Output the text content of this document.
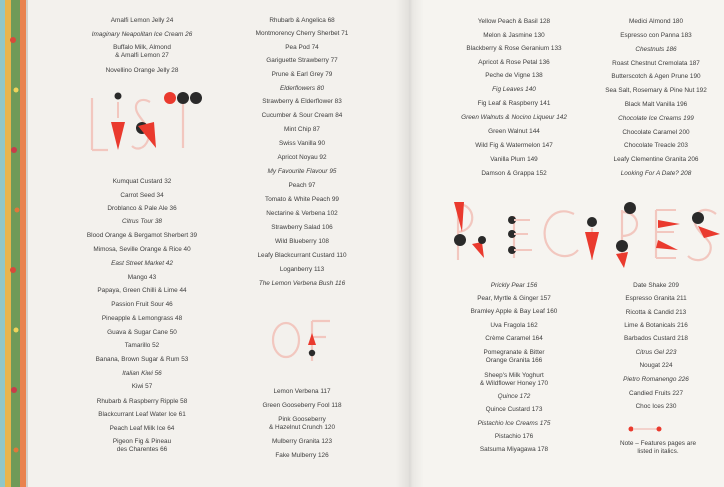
Amalfi Lemon Jelly 24
Imaginary Neapolitan Ice Cream 26
Buffalo Milk, Almond
& Amalfi Lemon 27
Novellino Orange Jelly 28
Kumquat Custard 32
Carrot Seed 34
Droblanco & Pale Ale 36
Citrus Tour 38
Blood Orange & Bergamot Sherbert 39
Mimosa, Seville Orange & Rice 40
East Street Market 42
Mango 43
Papaya, Green Chilli & Lime 44
Passion Fruit Sour 46
Pineapple & Lemongrass 48
Guava & Sugar Cane 50
Tamarillo 52
Banana, Brown Sugar & Rum 53
Italian Kiwi 56
Kiwi 57
Rhubarb & Raspberry Ripple 58
Blackcurrant Leaf Water Ice 61
Peach Leaf Milk Ice 64
Pigeon Fig & Pineau
des Charentes 66
Rhubarb & Angelica 68
Montmorency Cherry Sherbet 71
Pea Pod 74
Gariguette Strawberry 77
Prune & Earl Grey 79
Elderflowers 80
Strawberry & Elderflower 83
Cucumber & Sour Cream 84
Mint Chip 87
Swiss Vanilla 90
Apricot Noyau 92
My Favourite Flavour 95
Peach 97
Tomato & White Peach 99
Nectarine & Verbena 102
Strawberry Salad 106
Wild Blueberry 108
Leafy Blackcurrant Custard 110
Loganberry 113
The Lemon Verbena Bush 116
Lemon Verbena 117
Green Gooseberry Fool 118
Pink Gooseberry
& Hazelnut Crunch 120
Mulberry Granita 123
Fake Mulberry 126
Yellow Peach & Basil 128
Melon & Jasmine 130
Blackberry & Rose Geranium 133
Apricot & Rose Petal 136
Peche de Vigne 138
Fig Leaves 140
Fig Leaf & Raspberry 141
Green Walnuts & Nocino Liqueur 142
Green Walnut 144
Wild Fig & Watermelon 147
Vanilla Plum 149
Damson & Grappa 152
Prickly Pear 156
Pear, Myrtle & Ginger 157
Bramley Apple & Bay Leaf 160
Uva Fragola 162
Crème Caramel 164
Pomegranate & Bitter
Orange Granita 166
Sheep's Milk Yoghurt
& Wildflower Honey 170
Quince 172
Quince Custard 173
Pistachio Ice Creams 175
Pistachio 176
Satsuma Miyagawa 178
Medici Almond 180
Espresso con Panna 183
Chestnuts 186
Roast Chestnut Cremolata 187
Butterscotch & Agen Prune 190
Sea Salt, Rosemary & Pine Nut 192
Black Malt Vanilla 196
Chocolate Ice Creams 199
Chocolate Caramel 200
Chocolate Treacle 203
Leafy Clementine Granita 206
Looking For A Date? 208
Date Shake 209
Espresso Granita 211
Ricotta & Candid 213
Lime & Botanicals 216
Barbados Custard 218
Citrus Gel 223
Nougat 224
Pietro Romanengo 226
Candied Fruits 227
Choc Ices 230
Note – Features pages are
listed in italics.
